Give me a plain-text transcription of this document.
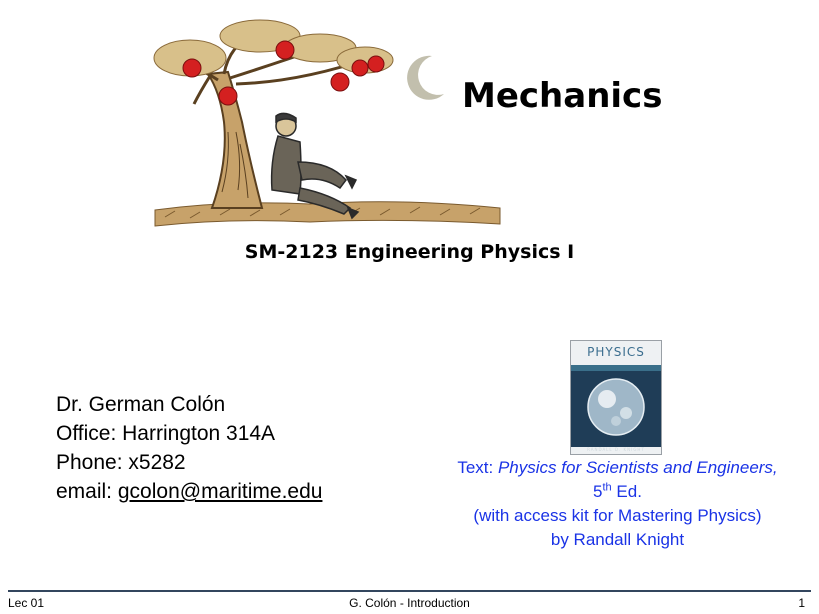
Mechanics
SM-2123 Engineering Physics I
Dr. German Colón
Office: Harrington 314A
Phone: x5282
email: gcolon@maritime.edu
PHYSICS
RANDALL D. KNIGHT
Text: Physics for Scientists and Engineers,
5th Ed.
(with access kit for Mastering Physics)
by Randall Knight
Lec 01	G. Colón - Introduction	1
